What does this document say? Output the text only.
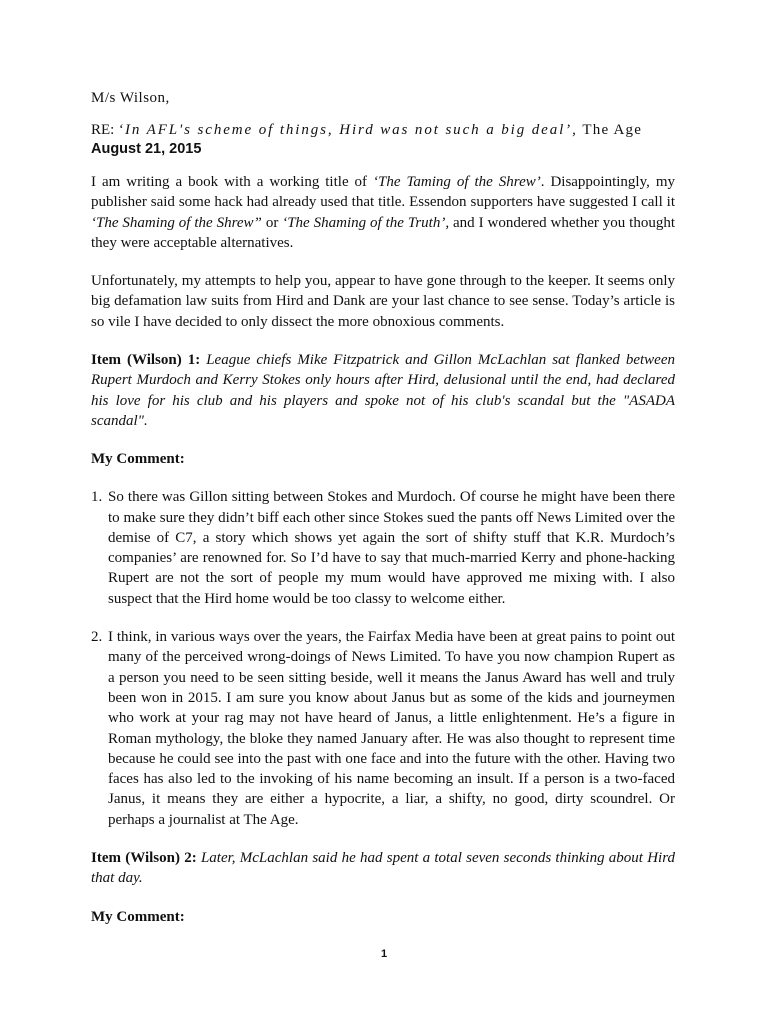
M/s Wilson,

RE: ‘In AFL's scheme of things, Hird was not such a big deal’, The Age

August 21, 2015

I am writing a book with a working title of ‘The Taming of the Shrew’. Disappointingly, my publisher said some hack had already used that title. Essendon supporters have suggested I call it ‘The Shaming of the Shrew” or ‘The Shaming of the Truth’, and I wondered whether you thought they were acceptable alternatives.

Unfortunately, my attempts to help you, appear to have gone through to the keeper. It seems only big defamation law suits from Hird and Dank are your last chance to see sense. Today’s article is so vile I have decided to only dissect the more obnoxious comments.

Item (Wilson) 1: League chiefs Mike Fitzpatrick and Gillon McLachlan sat flanked between Rupert Murdoch and Kerry Stokes only hours after Hird, delusional until the end, had declared his love for his club and his players and spoke not of his club's scandal but the "ASADA scandal".

My Comment:

1. So there was Gillon sitting between Stokes and Murdoch. Of course he might have been there to make sure they didn’t biff each other since Stokes sued the pants off News Limited over the demise of C7, a story which shows yet again the sort of shifty stuff that K.R. Murdoch’s companies’ are renowned for. So I’d have to say that much-married Kerry and phone-hacking Rupert are not the sort of people my mum would have approved me mixing with. I also suspect that the Hird home would be too classy to welcome either.
2. I think, in various ways over the years, the Fairfax Media have been at great pains to point out many of the perceived wrong-doings of News Limited. To have you now champion Rupert as a person you need to be seen sitting beside, well it means the Janus Award has well and truly been won in 2015. I am sure you know about Janus but as some of the kids and journeymen who work at your rag may not have heard of Janus, a little enlightenment. He’s a figure in Roman mythology, the bloke they named January after. He was also thought to represent time because he could see into the past with one face and into the future with the other. Having two faces has also led to the invoking of his name becoming an insult. If a person is a two-faced Janus, it means they are either a hypocrite, a liar, a shifty, no good, dirty scoundrel. Or perhaps a journalist at The Age.

Item (Wilson) 2: Later, McLachlan said he had spent a total seven seconds thinking about Hird that day.

My Comment:

1
